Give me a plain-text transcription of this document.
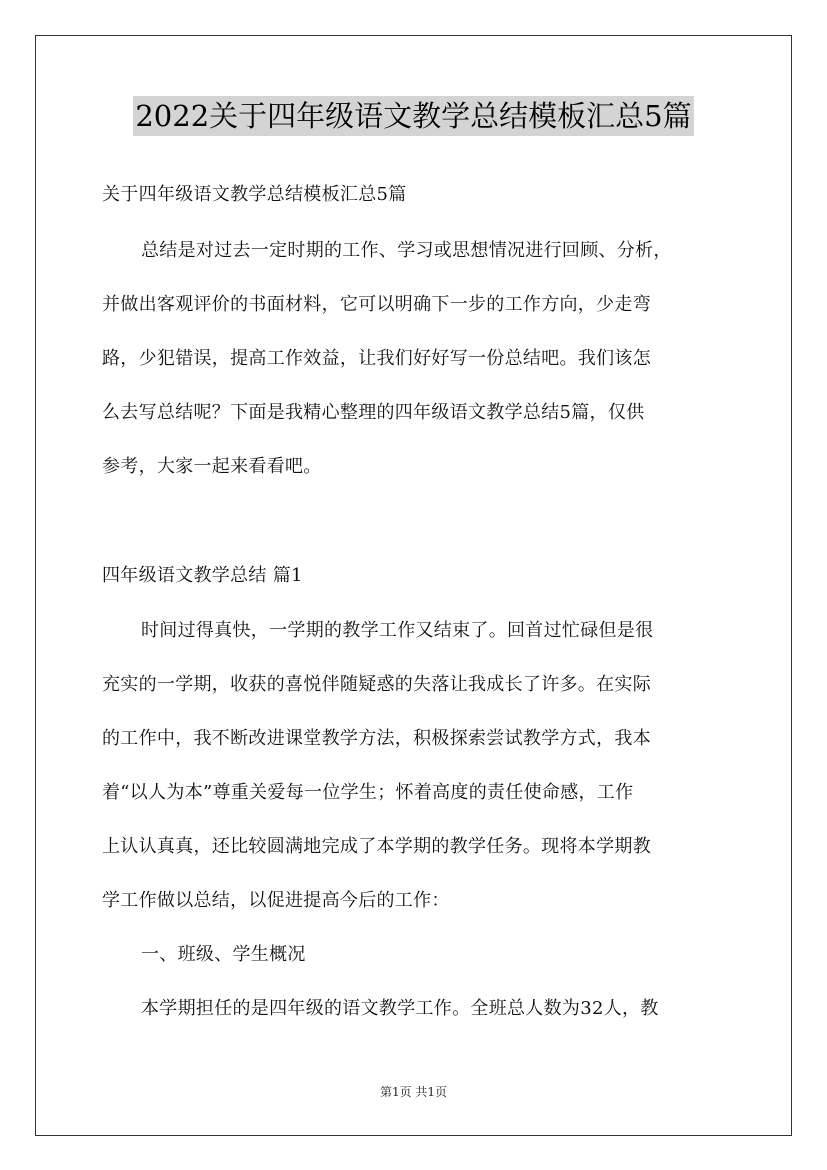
2022关于四年级语文教学总结模板汇总5篇
关于四年级语文教学总结模板汇总5篇
总结是对过去一定时期的工作、学习或思想情况进行回顾、分析，
并做出客观评价的书面材料，它可以明确下一步的工作方向，少走弯
路，少犯错误，提高工作效益，让我们好好写一份总结吧。我们该怎
么去写总结呢？下面是我精心整理的四年级语文教学总结5篇，仅供
参考，大家一起来看看吧。
四年级语文教学总结 篇1
时间过得真快，一学期的教学工作又结束了。回首过忙碌但是很
充实的一学期，收获的喜悦伴随疑惑的失落让我成长了许多。在实际
的工作中，我不断改进课堂教学方法，积极探索尝试教学方式，我本
着“以人为本”尊重关爱每一位学生；怀着高度的责任使命感，工作
上认认真真，还比较圆满地完成了本学期的教学任务。现将本学期教
学工作做以总结，以促进提高今后的工作：
一、班级、学生概况
本学期担任的是四年级的语文教学工作。全班总人数为32人，教
第1页 共1页
